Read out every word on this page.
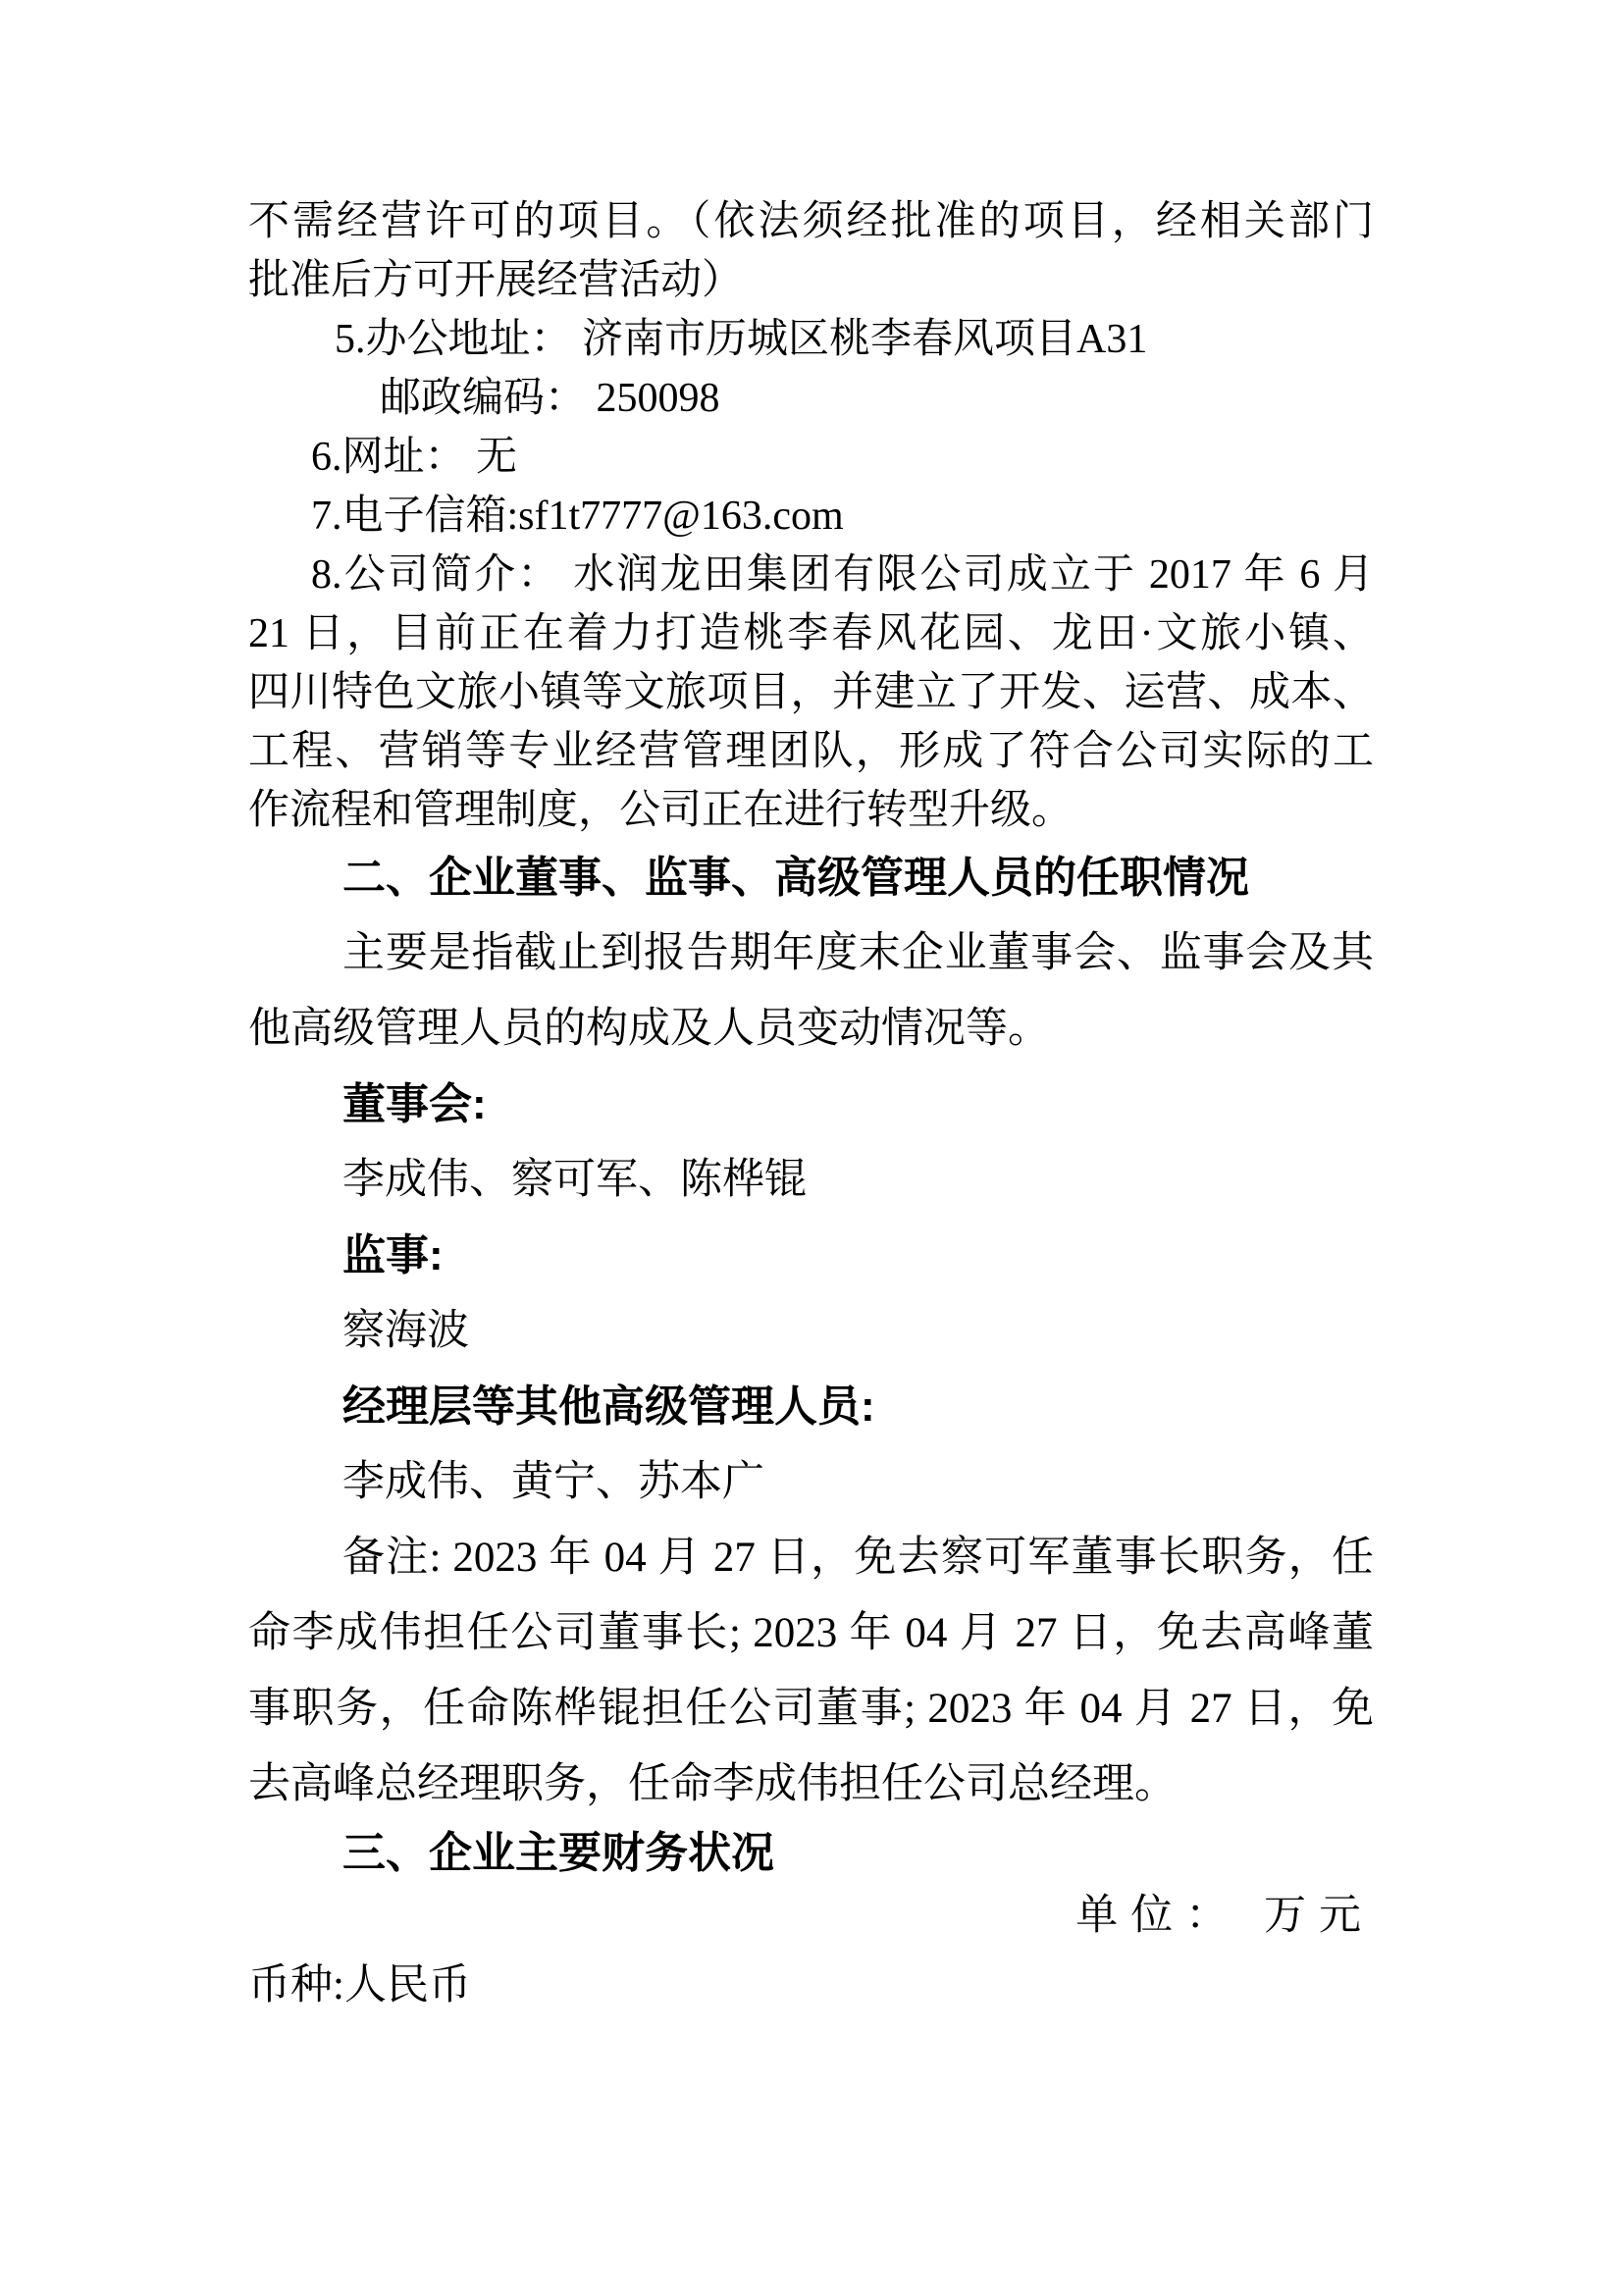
不需经营许可的项目。（依法须经批准的项目，经相关部门
批准后方可开展经营活动）
5.办公地址： 济南市历城区桃李春风项目A31
邮政编码： 250098
6.网址： 无
7.电子信箱:sf1t7777@163.com
8.公司简介： 水润龙田集团有限公司成立于 2017 年 6 月
21 日，目前正在着力打造桃李春风花园、龙田·文旅小镇、
四川特色文旅小镇等文旅项目，并建立了开发、运营、成本、
工程、营销等专业经营管理团队，形成了符合公司实际的工
作流程和管理制度，公司正在进行转型升级。
二、企业董事、监事、高级管理人员的任职情况
主要是指截止到报告期年度末企业董事会、监事会及其
他高级管理人员的构成及人员变动情况等。
董事会:
李成伟、察可军、陈桦锟
监事:
察海波
经理层等其他高级管理人员:
李成伟、黄宁、苏本广
备注: 2023 年 04 月 27 日，免去察可军董事长职务，任
命李成伟担任公司董事长; 2023 年 04 月 27 日，免去高峰董
事职务，任命陈桦锟担任公司董事; 2023 年 04 月 27 日，免
去高峰总经理职务，任命李成伟担任公司总经理。
三、企业主要财务状况
单位： 万元
币种:人民币
